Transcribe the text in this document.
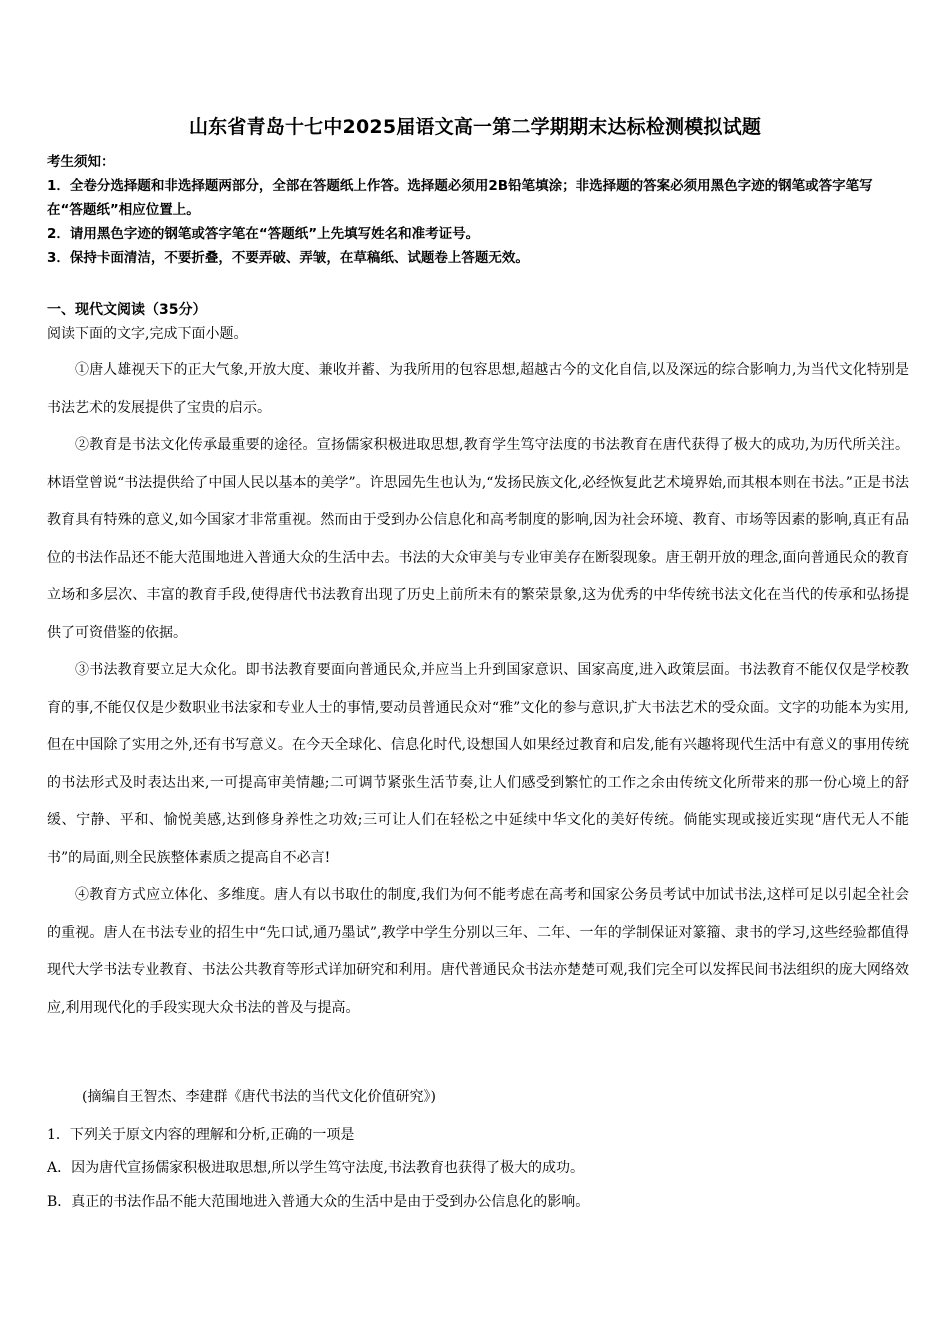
山东省青岛十七中2025届语文高一第二学期期末达标检测模拟试题

考生须知：

1．全卷分选择题和非选择题两部分，全部在答题纸上作答。选择题必须用2B铅笔填涂；非选择题的答案必须用黑色字迹的钢笔或答字笔写在“答题纸”相应位置上。

2．请用黑色字迹的钢笔或答字笔在“答题纸”上先填写姓名和准考证号。

3．保持卡面清洁，不要折叠，不要弄破、弄皱，在草稿纸、试题卷上答题无效。

一、现代文阅读（35分）
阅读下面的文字,完成下面小题。

①唐人雄视天下的正大气象,开放大度、兼收并蓄、为我所用的包容思想,超越古今的文化自信,以及深远的综合影响力,为当代文化特别是书法艺术的发展提供了宝贵的启示。

②教育是书法文化传承最重要的途径。宣扬儒家积极进取思想,教育学生笃守法度的书法教育在唐代获得了极大的成功,为历代所关注。林语堂曾说“书法提供给了中国人民以基本的美学”。许思园先生也认为,“发扬民族文化,必经恢复此艺术境界始,而其根本则在书法。”正是书法教育具有特殊的意义,如今国家才非常重视。然而由于受到办公信息化和高考制度的影响,因为社会环境、教育、市场等因素的影响,真正有品位的书法作品还不能大范围地进入普通大众的生活中去。书法的大众审美与专业审美存在断裂现象。唐王朝开放的理念,面向普通民众的教育立场和多层次、丰富的教育手段,使得唐代书法教育出现了历史上前所未有的繁荣景象,这为优秀的中华传统书法文化在当代的传承和弘扬提供了可资借鉴的依据。

③书法教育要立足大众化。即书法教育要面向普通民众,并应当上升到国家意识、国家高度,进入政策层面。书法教育不能仅仅是学校教育的事,不能仅仅是少数职业书法家和专业人士的事情,要动员普通民众对“雅”文化的参与意识,扩大书法艺术的受众面。文字的功能本为实用,但在中国除了实用之外,还有书写意义。在今天全球化、信息化时代,设想国人如果经过教育和启发,能有兴趣将现代生活中有意义的事用传统的书法形式及时表达出来,一可提高审美情趣;二可调节紧张生活节奏,让人们感受到繁忙的工作之余由传统文化所带来的那一份心境上的舒缓、宁静、平和、愉悦美感,达到修身养性之功效;三可让人们在轻松之中延续中华文化的美好传统。倘能实现或接近实现“唐代无人不能书”的局面,则全民族整体素质之提高自不必言!

④教育方式应立体化、多维度。唐人有以书取仕的制度,我们为何不能考虑在高考和国家公务员考试中加试书法,这样可足以引起全社会的重视。唐人在书法专业的招生中“先口试,通乃墨试”,教学中学生分别以三年、二年、一年的学制保证对篆籀、隶书的学习,这些经验都值得现代大学书法专业教育、书法公共教育等形式详加研究和利用。唐代普通民众书法亦楚楚可观,我们完全可以发挥民间书法组织的庞大网络效应,利用现代化的手段实现大众书法的普及与提高。

(摘编自王智杰、李建群《唐代书法的当代文化价值研究》)
1．下列关于原文内容的理解和分析,正确的一项是
A．因为唐代宣扬儒家积极进取思想,所以学生笃守法度,书法教育也获得了极大的成功。
B．真正的书法作品不能大范围地进入普通大众的生活中是由于受到办公信息化的影响。
